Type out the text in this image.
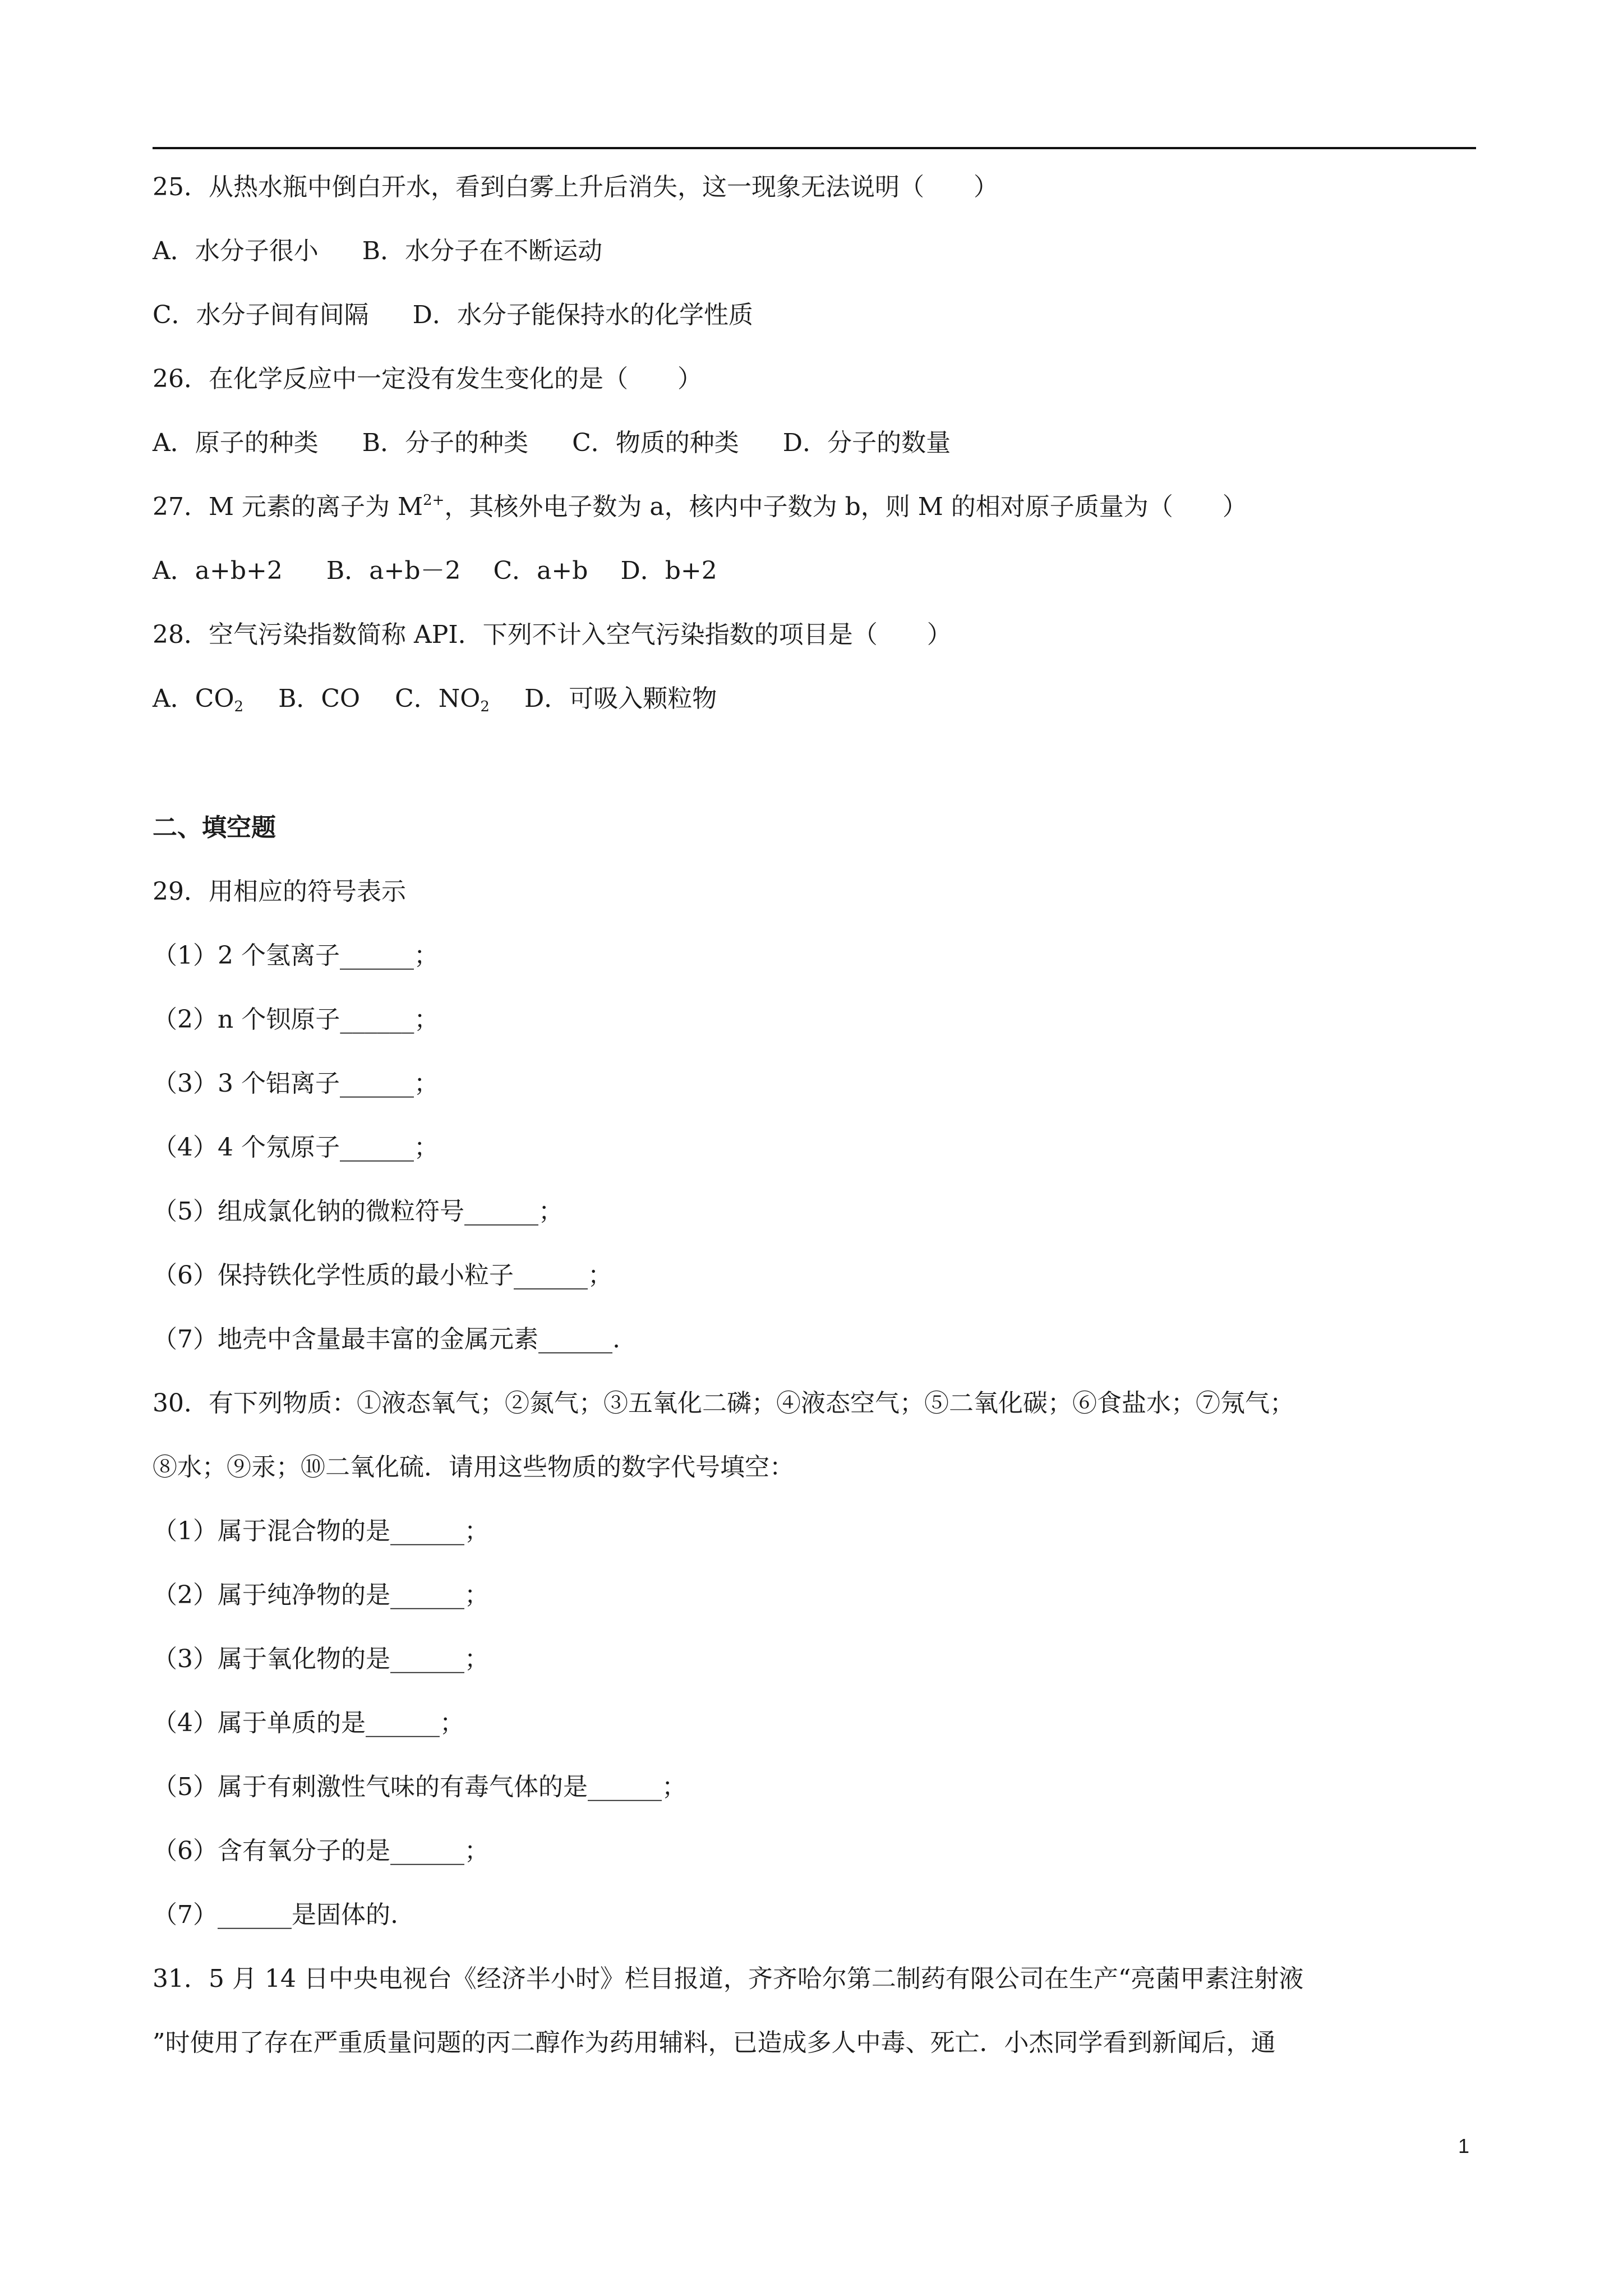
25．从热水瓶中倒白开水，看到白雾上升后消失，这一现象无法说明（　　）
A．水分子很小 B．水分子在不断运动
C．水分子间有间隔 D．水分子能保持水的化学性质
26．在化学反应中一定没有发生变化的是（　　）
A．原子的种类 B．分子的种类 C．物质的种类 D．分子的数量
27．M 元素的离子为 $M^{2+}$，其核外电子数为 a，核内中子数为 b，则 M 的相对原子质量为（　　）
A．a+b+2 B．a+b－2 C．a+b D．b+2
28．空气污染指数简称 API．下列不计入空气污染指数的项目是（　　）
A．$CO_2$ B．CO C．$NO_2$ D．可吸入颗粒物
二、填空题
29．用相应的符号表示
（1）2 个氢离子______；
（2）n 个钡原子______；
（3）3 个铝离子______；
（4）4 个氖原子______；
（5）组成氯化钠的微粒符号______；
（6）保持铁化学性质的最小粒子______；
（7）地壳中含量最丰富的金属元素______.
30．有下列物质：①液态氧气；②氮气；③五氧化二磷；④液态空气；⑤二氧化碳；⑥食盐水；⑦氖气；
⑧水；⑨汞；⑩二氧化硫．请用这些物质的数字代号填空：
（1）属于混合物的是______；
（2）属于纯净物的是______；
（3）属于氧化物的是______；
（4）属于单质的是______；
（5）属于有刺激性气味的有毒气体的是______；
（6）含有氧分子的是______；
（7）______是固体的.
31．5 月 14 日中央电视台《经济半小时》栏目报道，齐齐哈尔第二制药有限公司在生产“亮菌甲素注射液
”时使用了存在严重质量问题的丙二醇作为药用辅料，已造成多人中毒、死亡．小杰同学看到新闻后，通
1
